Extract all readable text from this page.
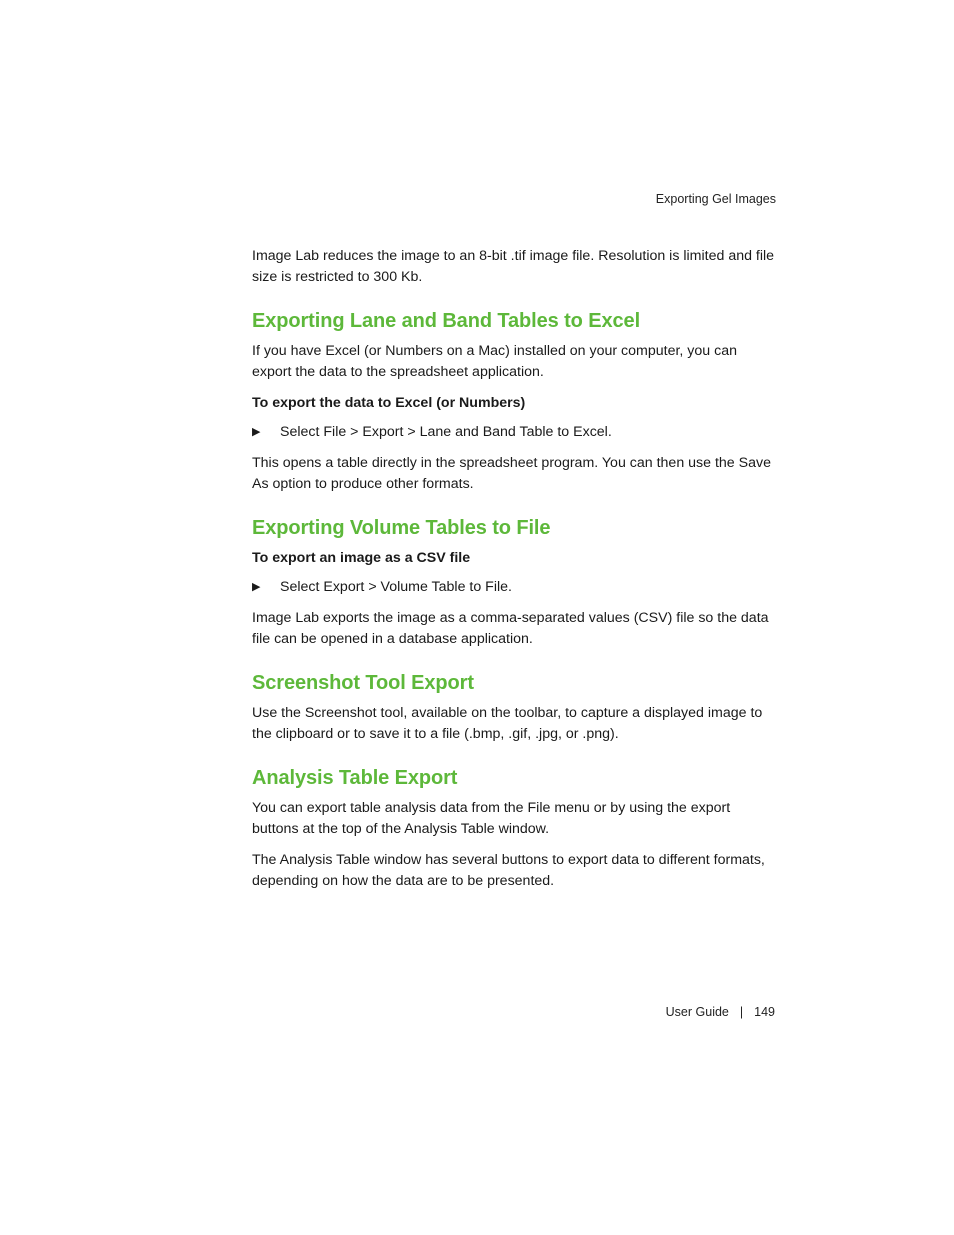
Exporting Gel Images

Image Lab reduces the image to an 8-bit .tif image file. Resolution is limited and file size is restricted to 300 Kb.

Exporting Lane and Band Tables to Excel

If you have Excel (or Numbers on a Mac) installed on your computer, you can export the data to the spreadsheet application.

To export the data to Excel (or Numbers)
▶	Select File > Export > Lane and Band Table to Excel.

This opens a table directly in the spreadsheet program. You can then use the Save As option to produce other formats.

Exporting Volume Tables to File
To export an image as a CSV file
▶	Select Export > Volume Table to File.

Image Lab exports the image as a comma-separated values (CSV) file so the data file can be opened in a database application.

Screenshot Tool Export

Use the Screenshot tool, available on the toolbar, to capture a displayed image to the clipboard or to save it to a file (.bmp, .gif, .jpg, or .png).

Analysis Table Export

You can export table analysis data from the File menu or by using the export buttons at the top of the Analysis Table window.

The Analysis Table window has several buttons to export data to different formats, depending on how the data are to be presented.

User Guide | 149
